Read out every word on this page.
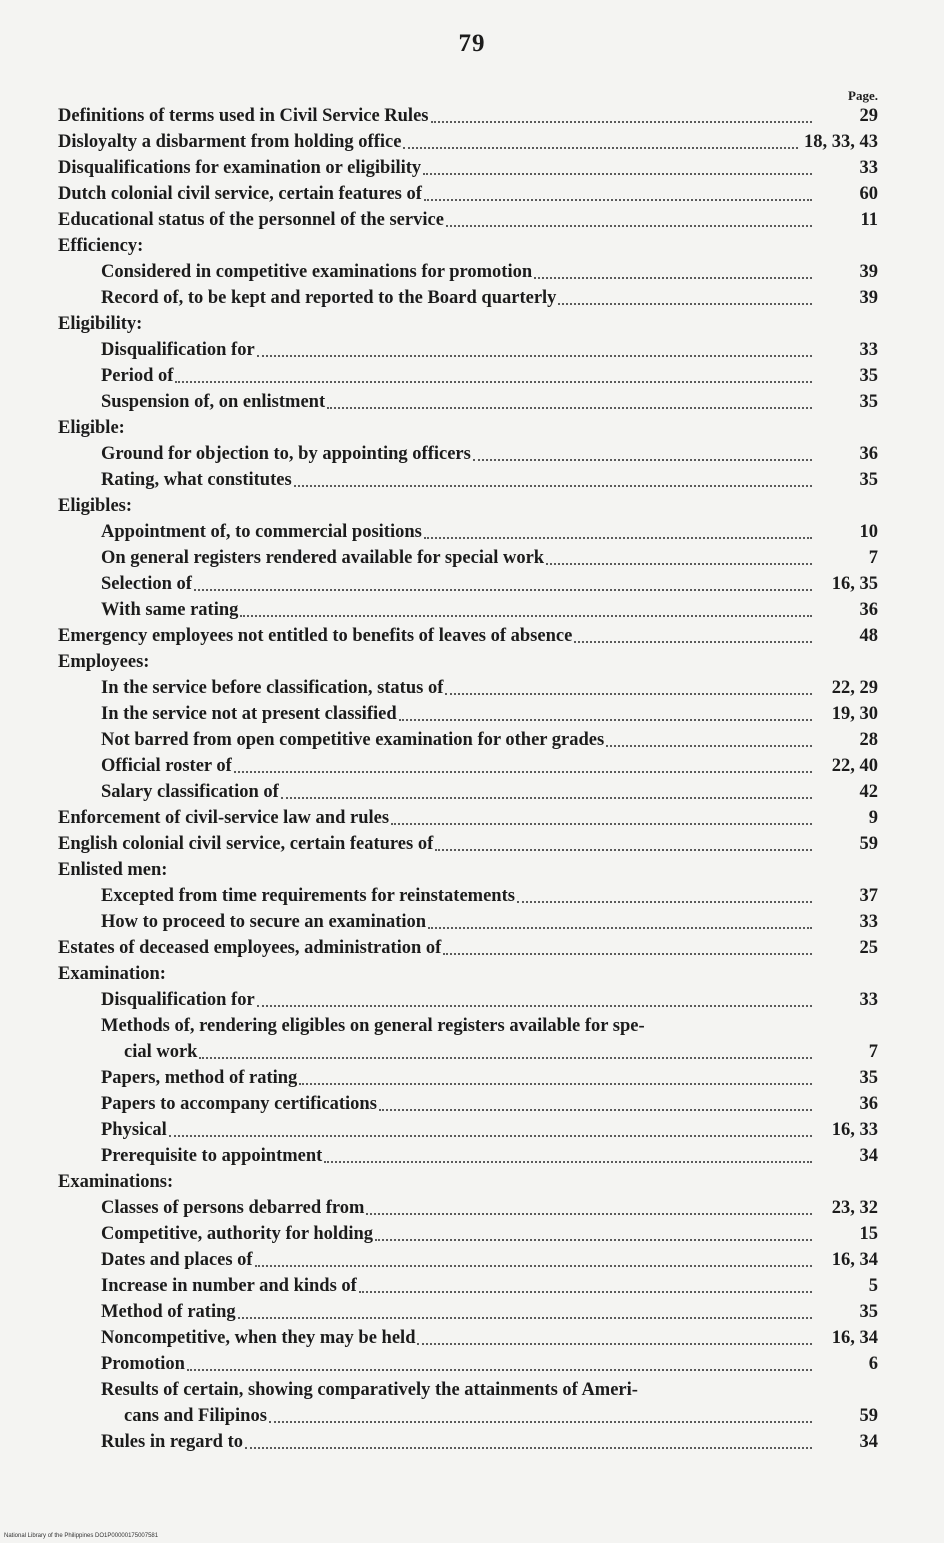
79
Page.
Definitions of terms used in Civil Service Rules	29
Disloyalty a disbarment from holding office	18, 33, 43
Disqualifications for examination or eligibility	33
Dutch colonial civil service, certain features of	60
Educational status of the personnel of the service	11
Efficiency:
Considered in competitive examinations for promotion	39
Record of, to be kept and reported to the Board quarterly	39
Eligibility:
Disqualification for	33
Period of	35
Suspension of, on enlistment	35
Eligible:
Ground for objection to, by appointing officers	36
Rating, what constitutes	35
Eligibles:
Appointment of, to commercial positions	10
On general registers rendered available for special work	7
Selection of	16, 35
With same rating	36
Emergency employees not entitled to benefits of leaves of absence	48
Employees:
In the service before classification, status of	22, 29
In the service not at present classified	19, 30
Not barred from open competitive examination for other grades	28
Official roster of	22, 40
Salary classification of	42
Enforcement of civil-service law and rules	9
English colonial civil service, certain features of	59
Enlisted men:
Excepted from time requirements for reinstatements	37
How to proceed to secure an examination	33
Estates of deceased employees, administration of	25
Examination:
Disqualification for	33
Methods of, rendering eligibles on general registers available for spe-
cial work	7
Papers, method of rating	35
Papers to accompany certifications	36
Physical	16, 33
Prerequisite to appointment	34
Examinations:
Classes of persons debarred from	23, 32
Competitive, authority for holding	15
Dates and places of	16, 34
Increase in number and kinds of	5
Method of rating	35
Noncompetitive, when they may be held	16, 34
Promotion	6
Results of certain, showing comparatively the attainments of Ameri-
cans and Filipinos	59
Rules in regard to	34
National Library of the Philippines DO1P00000175007581
